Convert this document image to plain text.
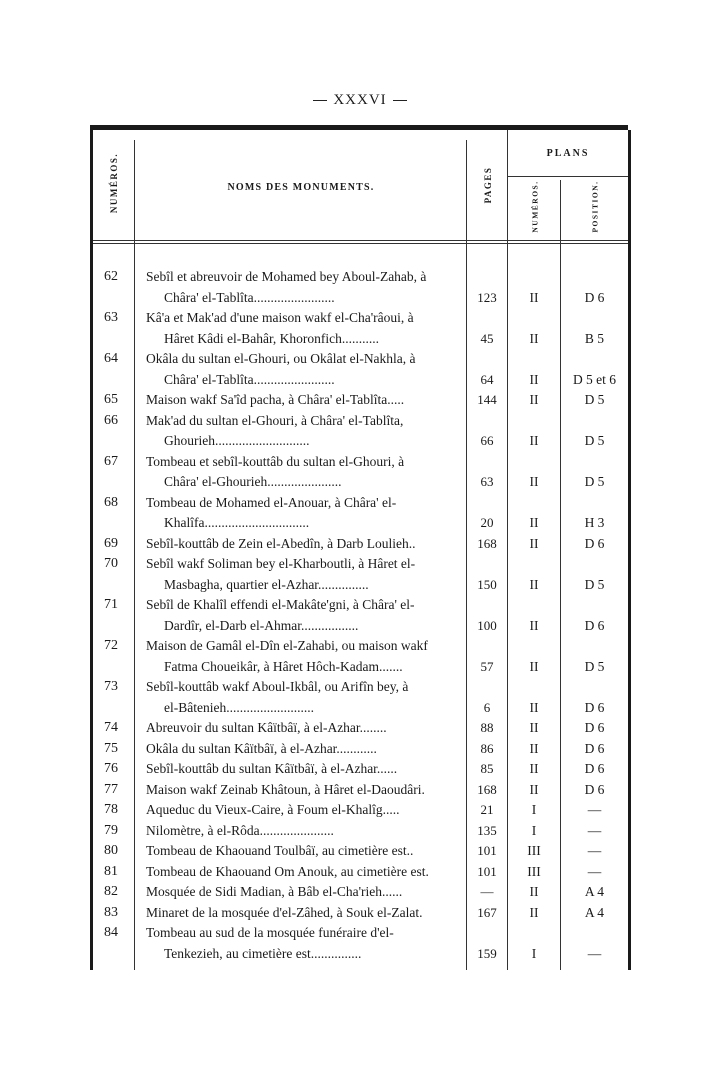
XXXVI
NUMÉROS.	NOMS DES MONUMENTS.	PAGES
PLANS
NUMÉROS.	POSITION.
62	Sebîl et abreuvoir de Mohamed bey Aboul-Zahab, à
Châra' el-Tablîta........................	123	II	D 6
63	Kâ'a et Mak'ad d'une maison wakf el-Cha'râoui, à
Hâret Kâdi el-Bahâr, Khoronfich...........	45	II	B 5
64	Okâla du sultan el-Ghouri, ou Okâlat el-Nakhla, à
Châra' el-Tablîta........................	64	II	D 5 et 6
65	Maison wakf Sa'îd pacha, à Châra' el-Tablîta.....	144	II	D 5
66	Mak'ad du sultan el-Ghouri, à Châra' el-Tablîta,
Ghourieh............................	66	II	D 5
67	Tombeau et sebîl-kouttâb du sultan el-Ghouri, à
Châra' el-Ghourieh......................	63	II	D 5
68	Tombeau de Mohamed el-Anouar, à Châra' el-
Khalîfa...............................	20	II	H 3
69	Sebîl-kouttâb de Zein el-Abedîn, à Darb Loulieh..	168	II	D 6
70	Sebîl wakf Soliman bey el-Kharboutli, à Hâret el-
Masbagha, quartier el-Azhar...............	150	II	D 5
71	Sebîl de Khalîl effendi el-Makâte'gni, à Châra' el-
Dardîr, el-Darb el-Ahmar.................	100	II	D 6
72	Maison de Gamâl el-Dîn el-Zahabi, ou maison wakf
Fatma Choueikâr, à Hâret Hôch-Kadam.......	57	II	D 5
73	Sebîl-kouttâb wakf Aboul-Ikbâl, ou Arifîn bey, à
el-Bâtenieh..........................	6	II	D 6
74	Abreuvoir du sultan Kâïtbâï, à el-Azhar........	88	II	D 6
75	Okâla du sultan Kâïtbâï, à el-Azhar............	86	II	D 6
76	Sebîl-kouttâb du sultan Kâïtbâï, à el-Azhar......	85	II	D 6
77	Maison wakf Zeinab Khâtoun, à Hâret el-Daoudâri.	168	II	D 6
78	Aqueduc du Vieux-Caire, à Foum el-Khalîg.....	21	I	—
79	Nilomètre, à el-Rôda......................	135	I	—
80	Tombeau de Khaouand Toulbâï, au cimetière est..	101	III	—
81	Tombeau de Khaouand Om Anouk, au cimetière est.	101	III	—
82	Mosquée de Sidi Madian, à Bâb el-Cha'rieh......	—	II	A 4
83	Minaret de la mosquée d'el-Zâhed, à Souk el-Zalat.	167	II	A 4
84	Tombeau au sud de la mosquée funéraire d'el-
Tenkezieh, au cimetière est...............	159	I	—
